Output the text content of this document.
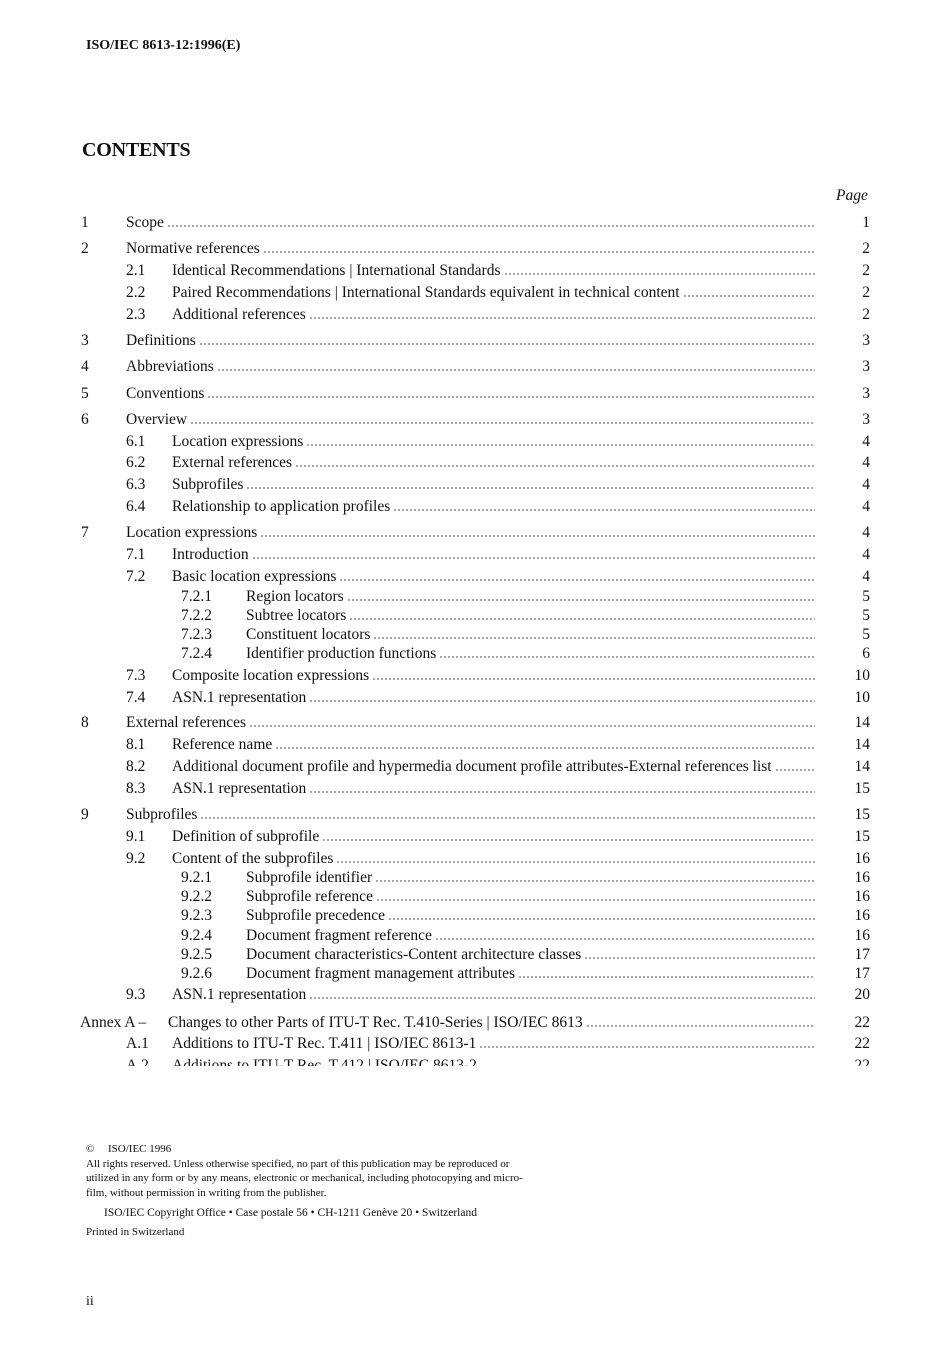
ISO/IEC 8613-12:1996(E)
CONTENTS
Page
1 Scope	1
2 Normative references	2
2.1 Identical Recommendations | International Standards	2
2.2 Paired Recommendations | International Standards equivalent in technical content	2
2.3 Additional references	2
3 Definitions	3
4 Abbreviations	3
5 Conventions	3
6 Overview	3
6.1 Location expressions	4
6.2 External references	4
6.3 Subprofiles	4
6.4 Relationship to application profiles	4
7 Location expressions	4
7.1 Introduction	4
7.2 Basic location expressions	4
7.2.1 Region locators	5
7.2.2 Subtree locators	5
7.2.3 Constituent locators	5
7.2.4 Identifier production functions	6
7.3 Composite location expressions	10
7.4 ASN.1 representation	10
8 External references	14
8.1 Reference name	14
8.2 Additional document profile and hypermedia document profile attributes-External references list	14
8.3 ASN.1 representation	15
9 Subprofiles	15
9.1 Definition of subprofile	15
9.2 Content of the subprofiles	16
9.2.1 Subprofile identifier	16
9.2.2 Subprofile reference	16
9.2.3 Subprofile precedence	16
9.2.4 Document fragment reference	16
9.2.5 Document characteristics-Content architecture classes	17
9.2.6 Document fragment management attributes	17
9.3 ASN.1 representation	20
Annex A – Changes to other Parts of ITU-T Rec. T.410-Series | ISO/IEC 8613	22
A.1 Additions to ITU-T Rec. T.411 | ISO/IEC 8613-1	22
© ISO/IEC 1996
All rights reserved. Unless otherwise specified, no part of this publication may be reproduced or
utilized in any form or by any means, electronic or mechanical, including photocopying and micro-
film, without permission in writing from the publisher.
ISO/IEC Copyright Office • Case postale 56 • CH-1211 Genève 20 • Switzerland
Printed in Switzerland
ii
